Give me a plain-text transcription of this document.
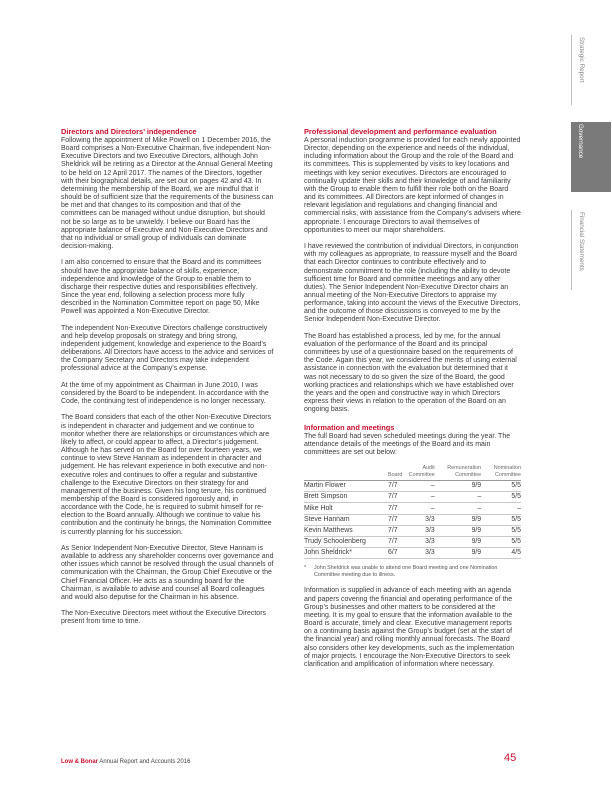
Strategic Report
Governance
Financial Statements
Directors and Directors’ independence

Following the appointment of Mike Powell on 1 December 2016, the Board comprises a Non-Executive Chairman, five independent Non-Executive Directors and two Executive Directors, although John Sheldrick will be retiring as a Director at the Annual General Meeting to be held on 12 April 2017. The names of the Directors, together with their biographical details, are set out on pages 42 and 43. In determining the membership of the Board, we are mindful that it should be of sufficient size that the requirements of the business can be met and that changes to its composition and that of the committees can be managed without undue disruption, but should not be so large as to be unwieldy. I believe our Board has the appropriate balance of Executive and Non-Executive Directors and that no individual or small group of individuals can dominate decision-making.

I am also concerned to ensure that the Board and its committees should have the appropriate balance of skills, experience, independence and knowledge of the Group to enable them to discharge their respective duties and responsibilities effectively. Since the year end, following a selection process more fully described in the Nomination Committee report on page 50, Mike Powell was appointed a Non-Executive Director.

The independent Non-Executive Directors challenge constructively and help develop proposals on strategy and bring strong, independent judgement, knowledge and experience to the Board’s deliberations. All Directors have access to the advice and services of the Company Secretary and Directors may take independent professional advice at the Company’s expense.

At the time of my appointment as Chairman in June 2010, I was considered by the Board to be independent. In accordance with the Code, the continuing test of independence is no longer necessary.

The Board considers that each of the other Non-Executive Directors is independent in character and judgement and we continue to monitor whether there are relationships or circumstances which are likely to affect, or could appear to affect, a Director’s judgement. Although he has served on the Board for over fourteen years, we continue to view Steve Hannam as independent in character and judgement. He has relevant experience in both executive and non-executive roles and continues to offer a regular and substantive challenge to the Executive Directors on their strategy for and management of the business. Given his long tenure, his continued membership of the Board is considered rigorously and, in accordance with the Code, he is required to submit himself for re-election to the Board annually. Although we continue to value his contribution and the continuity he brings, the Nomination Committee is currently planning for his succession.

As Senior Independent Non-Executive Director, Steve Hannam is available to address any shareholder concerns over governance and other issues which cannot be resolved through the usual channels of communication with the Chairman, the Group Chief Executive or the Chief Financial Officer. He acts as a sounding board for the Chairman, is available to advise and counsel all Board colleagues and would also deputise for the Chairman in his absence.

The Non-Executive Directors meet without the Executive Directors present from time to time.

Professional development and performance evaluation

A personal induction programme is provided for each newly appointed Director, depending on the experience and needs of the individual, including information about the Group and the role of the Board and its committees. This is supplemented by visits to key locations and meetings with key senior executives. Directors are encouraged to continually update their skills and their knowledge of and familiarity with the Group to enable them to fulfill their role both on the Board and its committees. All Directors are kept informed of changes in relevant legislation and regulations and changing financial and commercial risks, with assistance from the Company’s advisers where appropriate. I encourage Directors to avail themselves of opportunities to meet our major shareholders.

I have reviewed the contribution of individual Directors, in conjunction with my colleagues as appropriate, to reassure myself and the Board that each Director continues to contribute effectively and to demonstrate commitment to the role (including the ability to devote sufficient time for Board and committee meetings and any other duties). The Senior Independent Non-Executive Director chairs an annual meeting of the Non-Executive Directors to appraise my performance, taking into account the views of the Executive Directors, and the outcome of those discussions is conveyed to me by the Senior Independent Non-Executive Director.

The Board has established a process, led by me, for the annual evaluation of the performance of the Board and its principal committees by use of a questionnaire based on the requirements of the Code. Again this year, we considered the merits of using external assistance in connection with the evaluation but determined that it was not necessary to do so given the size of the Board, the good working practices and relationships which we have established over the years and the open and constructive way in which Directors express their views in relation to the operation of the Board on an ongoing basis.

Information and meetings

The full Board had seven scheduled meetings during the year. The attendance details of the meetings of the Board and its main committees are set out below:

	Board	Audit Committee	Remuneration Committee	Nomination Committee
Martin Flower	7/7	–	9/9	5/5
Brett Simpson	7/7	–	–	5/5
Mike Holt	7/7	–	–	–
Steve Hannam	7/7	3/3	9/9	5/5
Kevin Matthews	7/7	3/3	9/9	5/5
Trudy Schoolenberg	7/7	3/3	9/9	5/5
John Sheldrick*	6/7	3/3	9/9	4/5
*	John Sheldrick was unable to attend one Board meeting and one Nomination Committee meeting due to illness.

Information is supplied in advance of each meeting with an agenda and papers covering the financial and operating performance of the Group’s businesses and other matters to be considered at the meeting. It is my goal to ensure that the information available to the Board is accurate, timely and clear. Executive management reports on a continuing basis against the Group’s budget (set at the start of the financial year) and rolling monthly annual forecasts. The Board also considers other key developments, such as the implementation of major projects. I encourage the Non-Executive Directors to seek clarification and amplification of information where necessary.

Low & Bonar Annual Report and Accounts 2016	45
